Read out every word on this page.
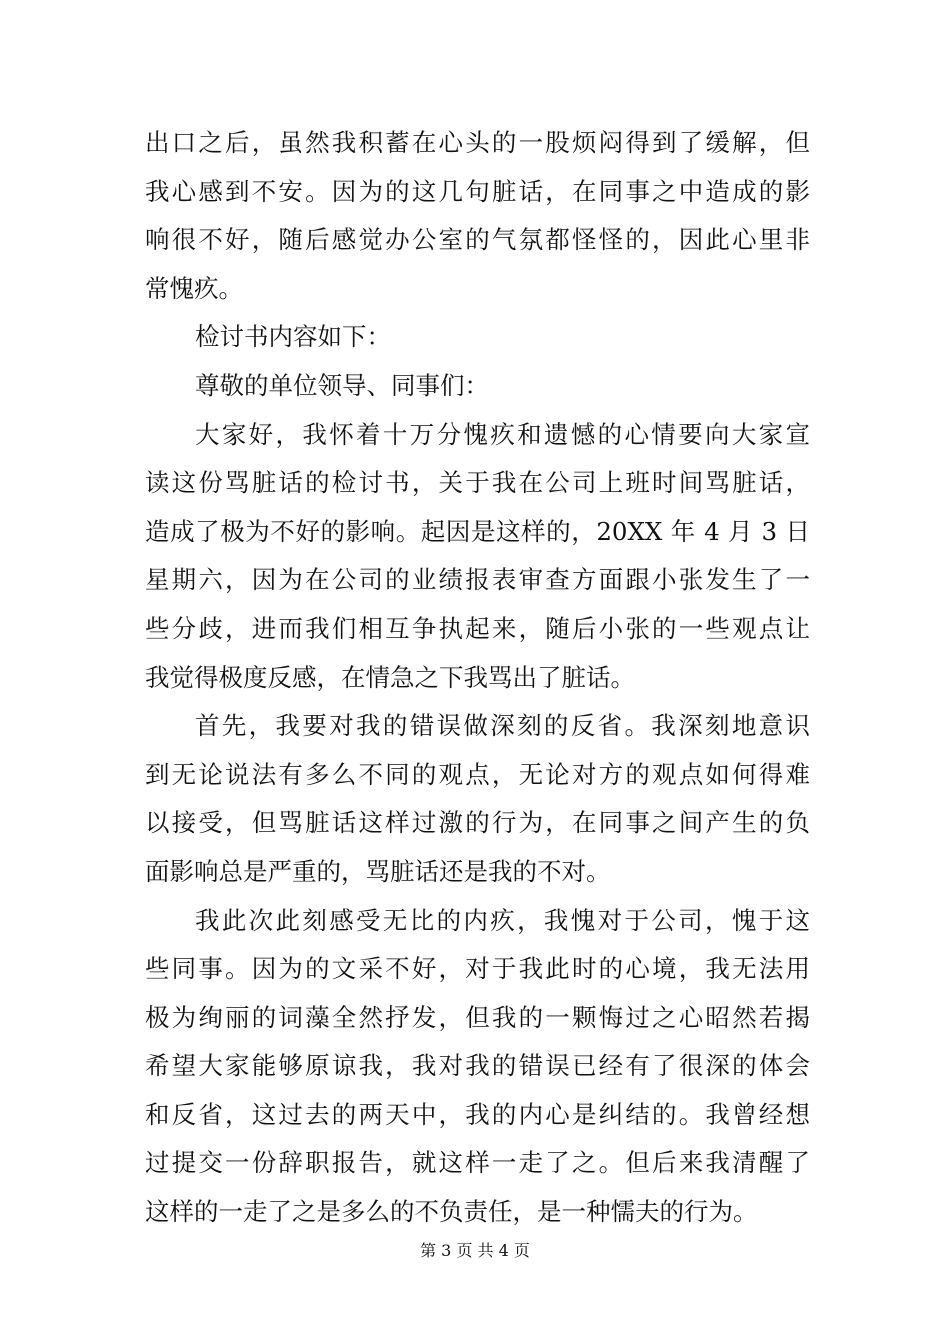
出口之后，虽然我积蓄在心头的一股烦闷得到了缓解，但
我心感到不安。因为的这几句脏话，在同事之中造成的影
响很不好，随后感觉办公室的气氛都怪怪的，因此心里非
常愧疚。
检讨书内容如下：
尊敬的单位领导、同事们：
大家好，我怀着十万分愧疚和遗憾的心情要向大家宣
读这份骂脏话的检讨书，关于我在公司上班时间骂脏话，
造成了极为不好的影响。起因是这样的，20XX 年 4 月 3 日
星期六，因为在公司的业绩报表审查方面跟小张发生了一
些分歧，进而我们相互争执起来，随后小张的一些观点让
我觉得极度反感，在情急之下我骂出了脏话。
首先，我要对我的错误做深刻的反省。我深刻地意识
到无论说法有多么不同的观点，无论对方的观点如何得难
以接受，但骂脏话这样过激的行为，在同事之间产生的负
面影响总是严重的，骂脏话还是我的不对。
我此次此刻感受无比的内疚，我愧对于公司，愧于这
些同事。因为的文采不好，对于我此时的心境，我无法用
极为绚丽的词藻全然抒发，但我的一颗悔过之心昭然若揭
希望大家能够原谅我，我对我的错误已经有了很深的体会
和反省，这过去的两天中，我的内心是纠结的。我曾经想
过提交一份辞职报告，就这样一走了之。但后来我清醒了
这样的一走了之是多么的不负责任，是一种懦夫的行为。
第 3 页 共 4 页
